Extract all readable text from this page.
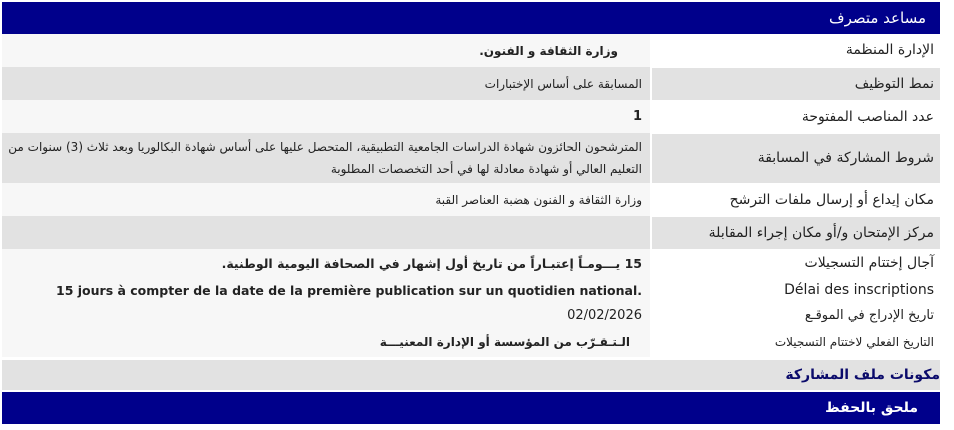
مساعد متصرف
الإدارة المنظمة	وزارة الثقافة و الفنون.
نمط التوظيف	المسابقة على أساس الإختبارات
عدد المناصب المفتوحة	1
شروط المشاركة في المسابقة	المترشحون الحائزون شهادة الدراسات الجامعية التطبيقية، المتحصل عليها على أساس شهادة البكالوريا وبعد ثلاث (3) سنوات من التعليم العالي أو شهادة معادلة لها في أحد التخصصات المطلوبة
مكان إيداع أو إرسال ملفات الترشح	وزارة الثقافة و الفنون هضبة العناصر القبة
مركز الإمتحان و/أو مكان إجراء المقابلة	
آجال إختتام التسجيلات	15 يـــومـاً إعتبـاراً من تاريخ أول إشهار في الصحافة اليومية الوطنية.
Délai des inscriptions	15 jours à compter de la date de la première publication sur un quotidien national.
تاريخ الإدراج في الموقـع	02/02/2026
التاريخ الفعلي لاختتام التسجيلات	الـتـقـرّب من المؤسسة أو الإدارة المعنيـــة
مكونات ملف المشاركة
ملحق بالحفظ
